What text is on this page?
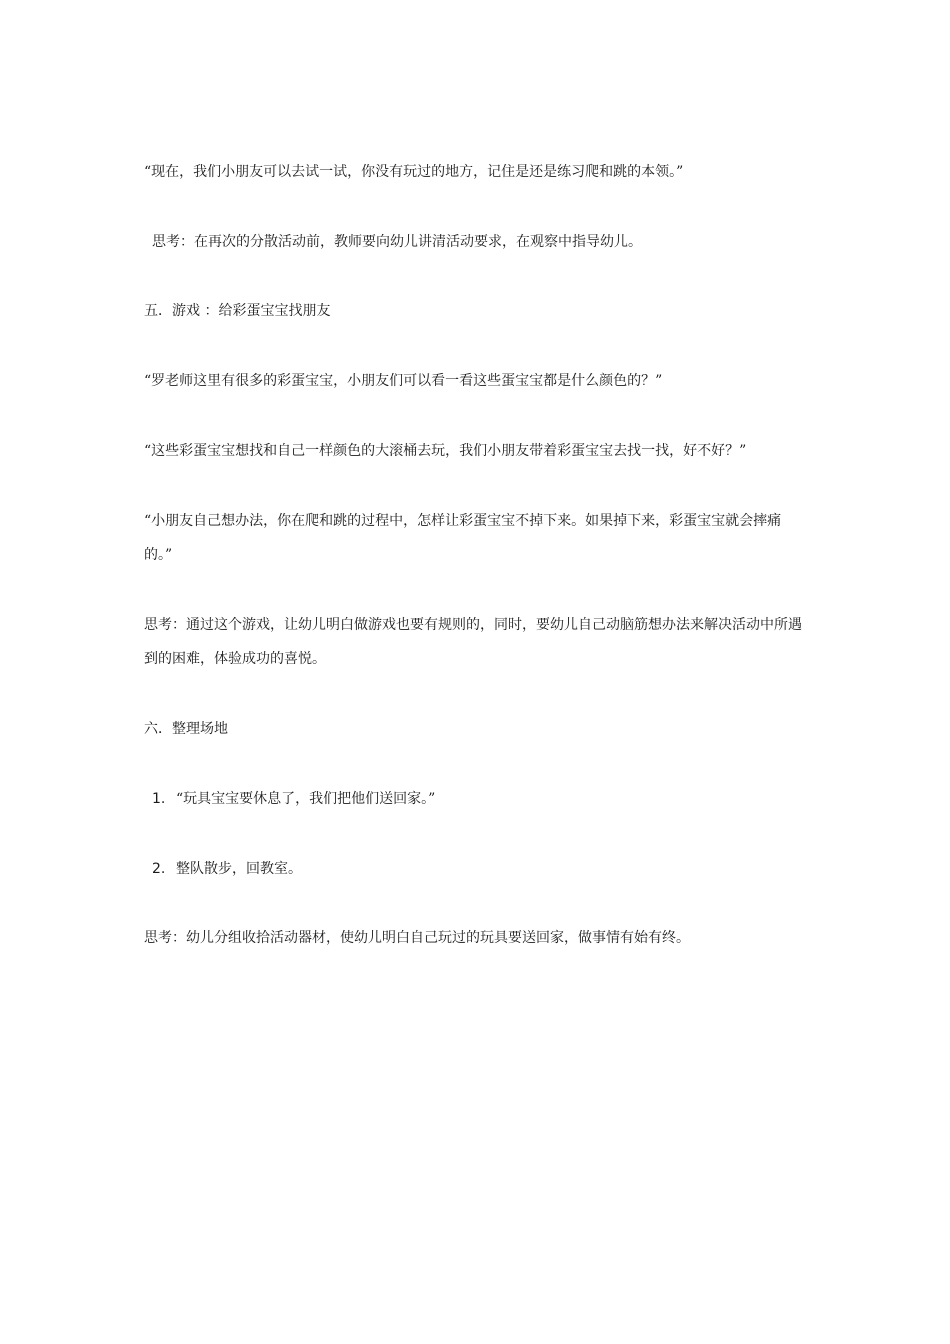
“现在，我们小朋友可以去试一试，你没有玩过的地方，记住是还是练习爬和跳的本领。”

思考：在再次的分散活动前，教师要向幼儿讲清活动要求，在观察中指导幼儿。

五．游戏 ：给彩蛋宝宝找朋友

“罗老师这里有很多的彩蛋宝宝，小朋友们可以看一看这些蛋宝宝都是什么颜色的？”

“这些彩蛋宝宝想找和自己一样颜色的大滚桶去玩，我们小朋友带着彩蛋宝宝去找一找，好不好？”

“小朋友自己想办法，你在爬和跳的过程中，怎样让彩蛋宝宝不掉下来。如果掉下来，彩蛋宝宝就会摔痛的。”

思考：通过这个游戏，让幼儿明白做游戏也要有规则的，同时，要幼儿自己动脑筋想办法来解决活动中所遇到的困难，体验成功的喜悦。

六．整理场地

1. “玩具宝宝要休息了，我们把他们送回家。”

2. 整队散步，回教室。

思考：幼儿分组收拾活动器材，使幼儿明白自己玩过的玩具要送回家，做事情有始有终。
